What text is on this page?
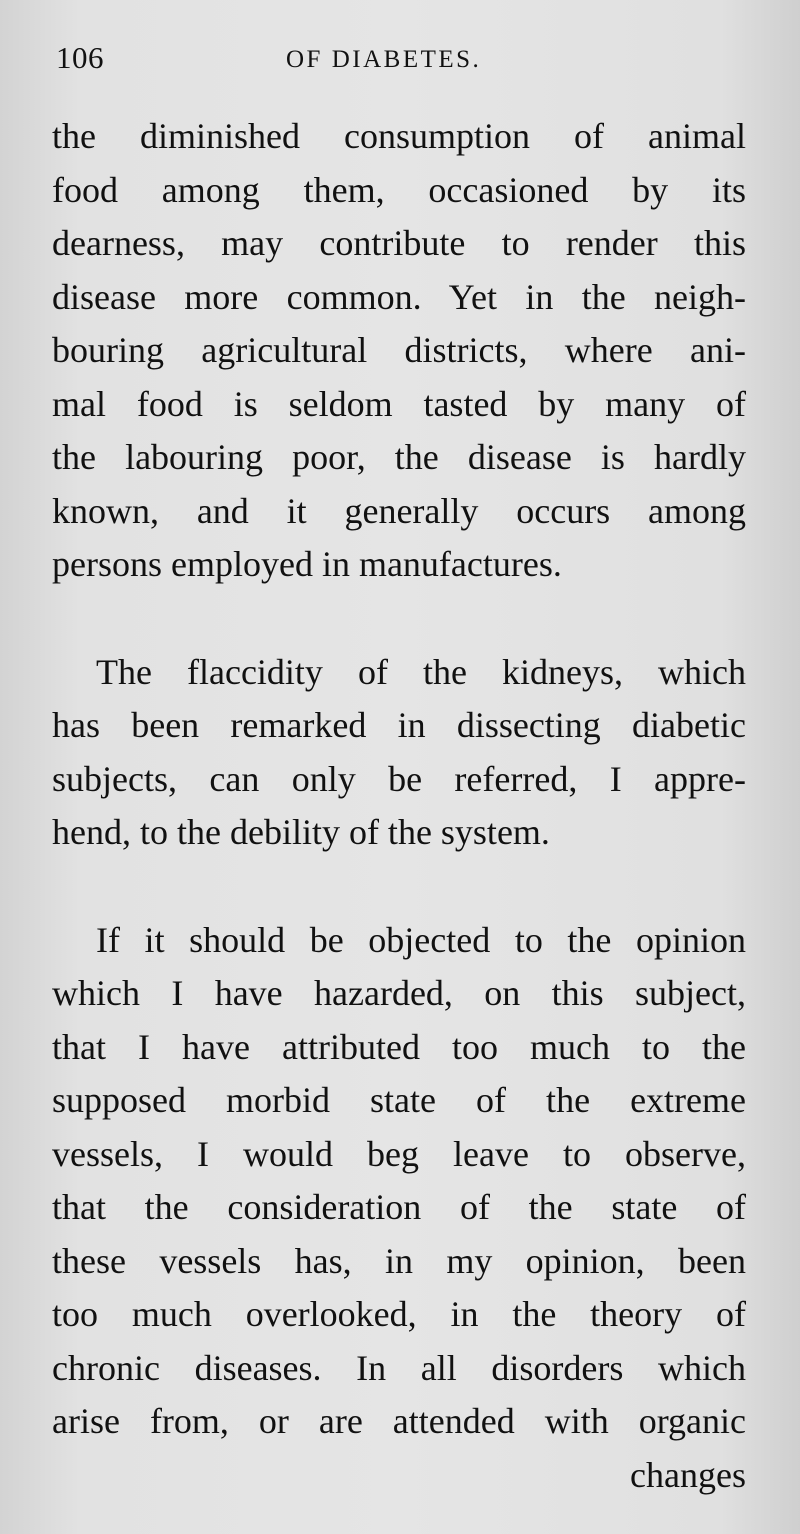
106	OF DIABETES.
the diminished consumption of animal
food among them, occasioned by its
dearness, may contribute to render this
disease more common. Yet in the neigh-
bouring agricultural districts, where ani-
mal food is seldom tasted by many of
the labouring poor, the disease is hardly
known, and it generally occurs among
persons employed in manufactures.
The flaccidity of the kidneys, which
has been remarked in dissecting diabetic
subjects, can only be referred, I appre-
hend, to the debility of the system.
If it should be objected to the opinion
which I have hazarded, on this subject,
that I have attributed too much to the
supposed morbid state of the extreme
vessels, I would beg leave to observe,
that the consideration of the state of
these vessels has, in my opinion, been
too much overlooked, in the theory of
chronic diseases. In all disorders which
arise from, or are attended with organic
changes
